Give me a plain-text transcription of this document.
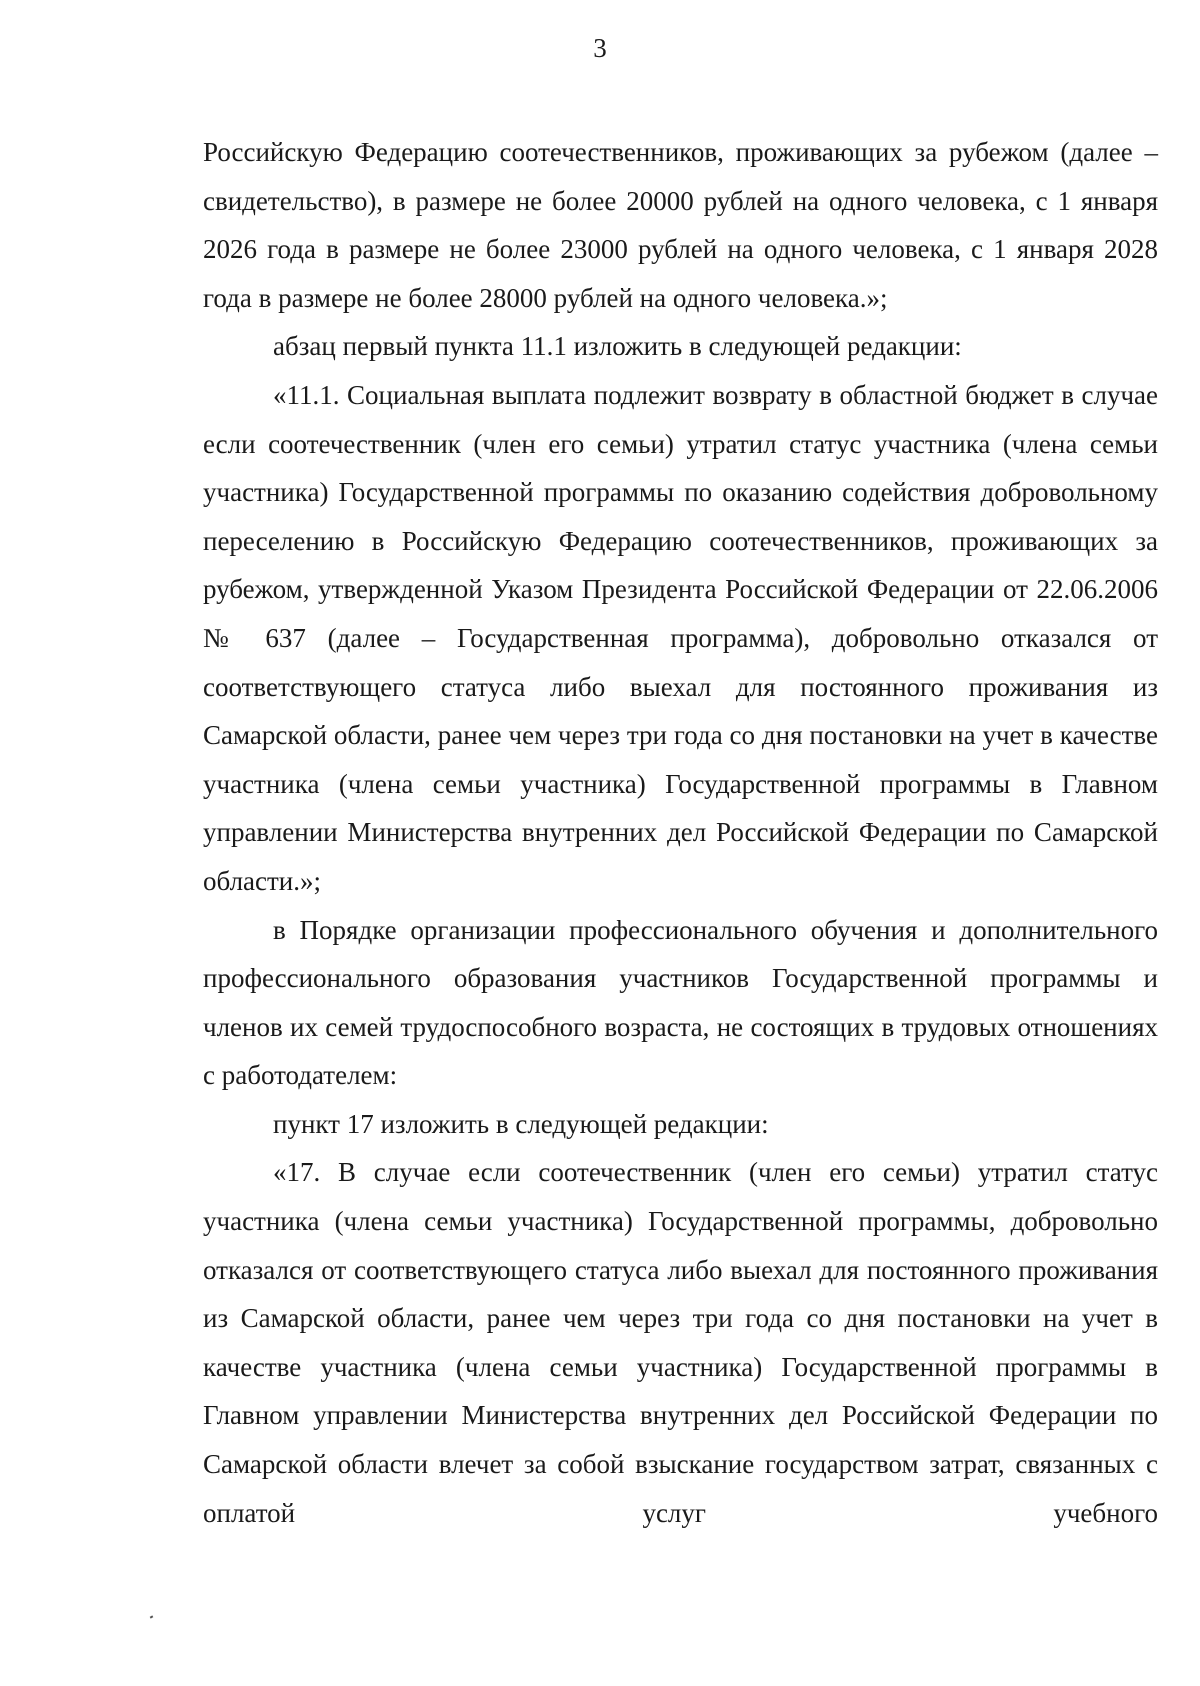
3

Российскую Федерацию соотечественников, проживающих за рубежом (далее – свидетельство), в размере не более 20000 рублей на одного человека, с 1 января 2026 года в размере не более 23000 рублей на одного человека, с 1 января 2028 года в размере не более 28000 рублей на одного человека.»;

абзац первый пункта 11.1 изложить в следующей редакции:

«11.1. Социальная выплата подлежит возврату в областной бюджет в случае если соотечественник (член его семьи) утратил статус участника (члена семьи участника) Государственной программы по оказанию содействия добровольному переселению в Российскую Федерацию соотечественников, проживающих за рубежом, утвержденной Указом Президента Российской Федерации от 22.06.2006 № 637 (далее – Государственная программа), добровольно отказался от соответствующего статуса либо выехал для постоянного проживания из Самарской области, ранее чем через три года со дня постановки на учет в качестве участника (члена семьи участника) Государственной программы в Главном управлении Министерства внутренних дел Российской Федерации по Самарской области.»;

в Порядке организации профессионального обучения и дополнительного профессионального образования участников Государственной программы и членов их семей трудоспособного возраста, не состоящих в трудовых отношениях с работодателем:

пункт 17 изложить в следующей редакции:

«17. В случае если соотечественник (член его семьи) утратил статус участника (члена семьи участника) Государственной программы, добровольно отказался от соответствующего статуса либо выехал для постоянного проживания из Самарской области, ранее чем через три года со дня постановки на учет в качестве участника (члена семьи участника) Государственной программы в Главном управлении Министерства внутренних дел Российской Федерации по Самарской области влечет за собой взыскание государством затрат, связанных с оплатой услуг учебного
